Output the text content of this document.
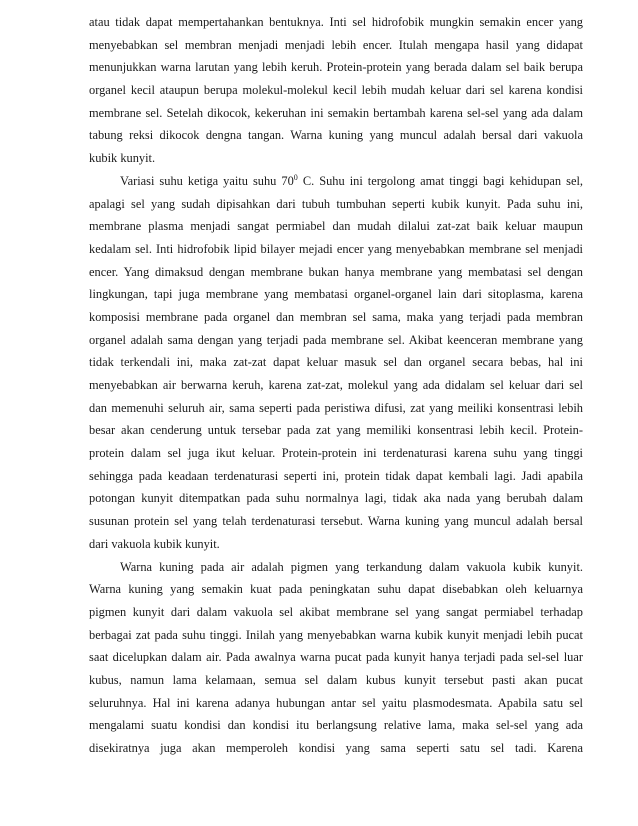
atau tidak dapat mempertahankan bentuknya. Inti sel hidrofobik mungkin semakin encer yang
menyebabkan sel membran menjadi menjadi lebih encer. Itulah mengapa hasil yang didapat
menunjukkan warna larutan yang lebih keruh. Protein-protein yang berada dalam sel baik berupa
organel kecil ataupun berupa molekul-molekul kecil lebih mudah keluar dari sel karena kondisi
membrane sel. Setelah dikocok, kekeruhan ini semakin bertambah karena sel-sel yang ada dalam
tabung reksi dikocok dengna tangan. Warna kuning yang muncul adalah bersal dari vakuola
kubik kunyit.
Variasi suhu ketiga yaitu suhu $70^0$ C. Suhu ini tergolong amat tinggi bagi kehidupan sel,
apalagi sel yang sudah dipisahkan dari tubuh tumbuhan seperti kubik kunyit. Pada suhu ini,
membrane plasma menjadi sangat permiabel dan mudah dilalui zat-zat baik keluar maupun
kedalam sel. Inti hidrofobik lipid bilayer mejadi encer yang menyebabkan membrane sel menjadi
encer. Yang dimaksud dengan membrane bukan hanya membrane yang membatasi sel dengan
lingkungan, tapi juga membrane yang membatasi organel-organel lain dari sitoplasma, karena
komposisi membrane pada organel dan membran sel sama, maka yang terjadi pada membran
organel adalah sama dengan yang terjadi pada membrane sel. Akibat keenceran membrane yang
tidak terkendali ini, maka zat-zat dapat keluar masuk sel dan organel secara bebas, hal ini
menyebabkan air berwarna keruh, karena zat-zat, molekul yang ada didalam sel keluar dari sel
dan memenuhi seluruh air, sama seperti pada peristiwa difusi, zat yang meiliki konsentrasi lebih
besar akan cenderung untuk tersebar pada zat yang memiliki konsentrasi lebih kecil. Protein-
protein dalam sel juga ikut keluar. Protein-protein ini terdenaturasi karena suhu yang tinggi
sehingga pada keadaan terdenaturasi seperti ini, protein tidak dapat kembali lagi. Jadi apabila
potongan kunyit ditempatkan pada suhu normalnya lagi, tidak aka nada yang berubah dalam
susunan protein sel yang telah terdenaturasi tersebut. Warna kuning yang muncul adalah bersal
dari vakuola kubik kunyit.
Warna kuning pada air adalah pigmen yang terkandung dalam vakuola kubik kunyit.
Warna kuning yang semakin kuat pada peningkatan suhu dapat disebabkan oleh keluarnya
pigmen kunyit dari dalam vakuola sel akibat membrane sel yang sangat permiabel terhadap
berbagai zat pada suhu tinggi. Inilah yang menyebabkan warna kubik kunyit menjadi lebih pucat
saat dicelupkan dalam air. Pada awalnya warna pucat pada kunyit hanya terjadi pada sel-sel luar
kubus, namun lama kelamaan, semua sel dalam kubus kunyit tersebut pasti akan pucat
seluruhnya. Hal ini karena adanya hubungan antar sel yaitu plasmodesmata. Apabila satu sel
mengalami suatu kondisi dan kondisi itu berlangsung relative lama, maka sel-sel yang ada
disekiratnya juga akan memperoleh kondisi yang sama seperti satu sel tadi. Karena
